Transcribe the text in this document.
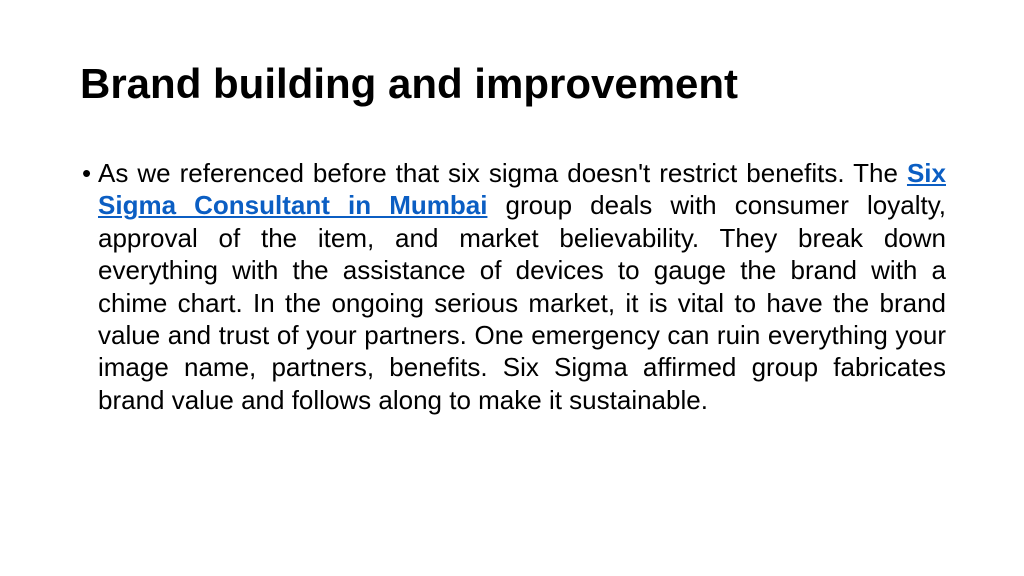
Brand building and improvement
• As we referenced before that six sigma doesn't restrict benefits. The Six Sigma Consultant in Mumbai group deals with consumer loyalty, approval of the item, and market believability. They break down everything with the assistance of devices to gauge the brand with a chime chart. In the ongoing serious market, it is vital to have the brand value and trust of your partners. One emergency can ruin everything your image name, partners, benefits. Six Sigma affirmed group fabricates brand value and follows along to make it sustainable.
